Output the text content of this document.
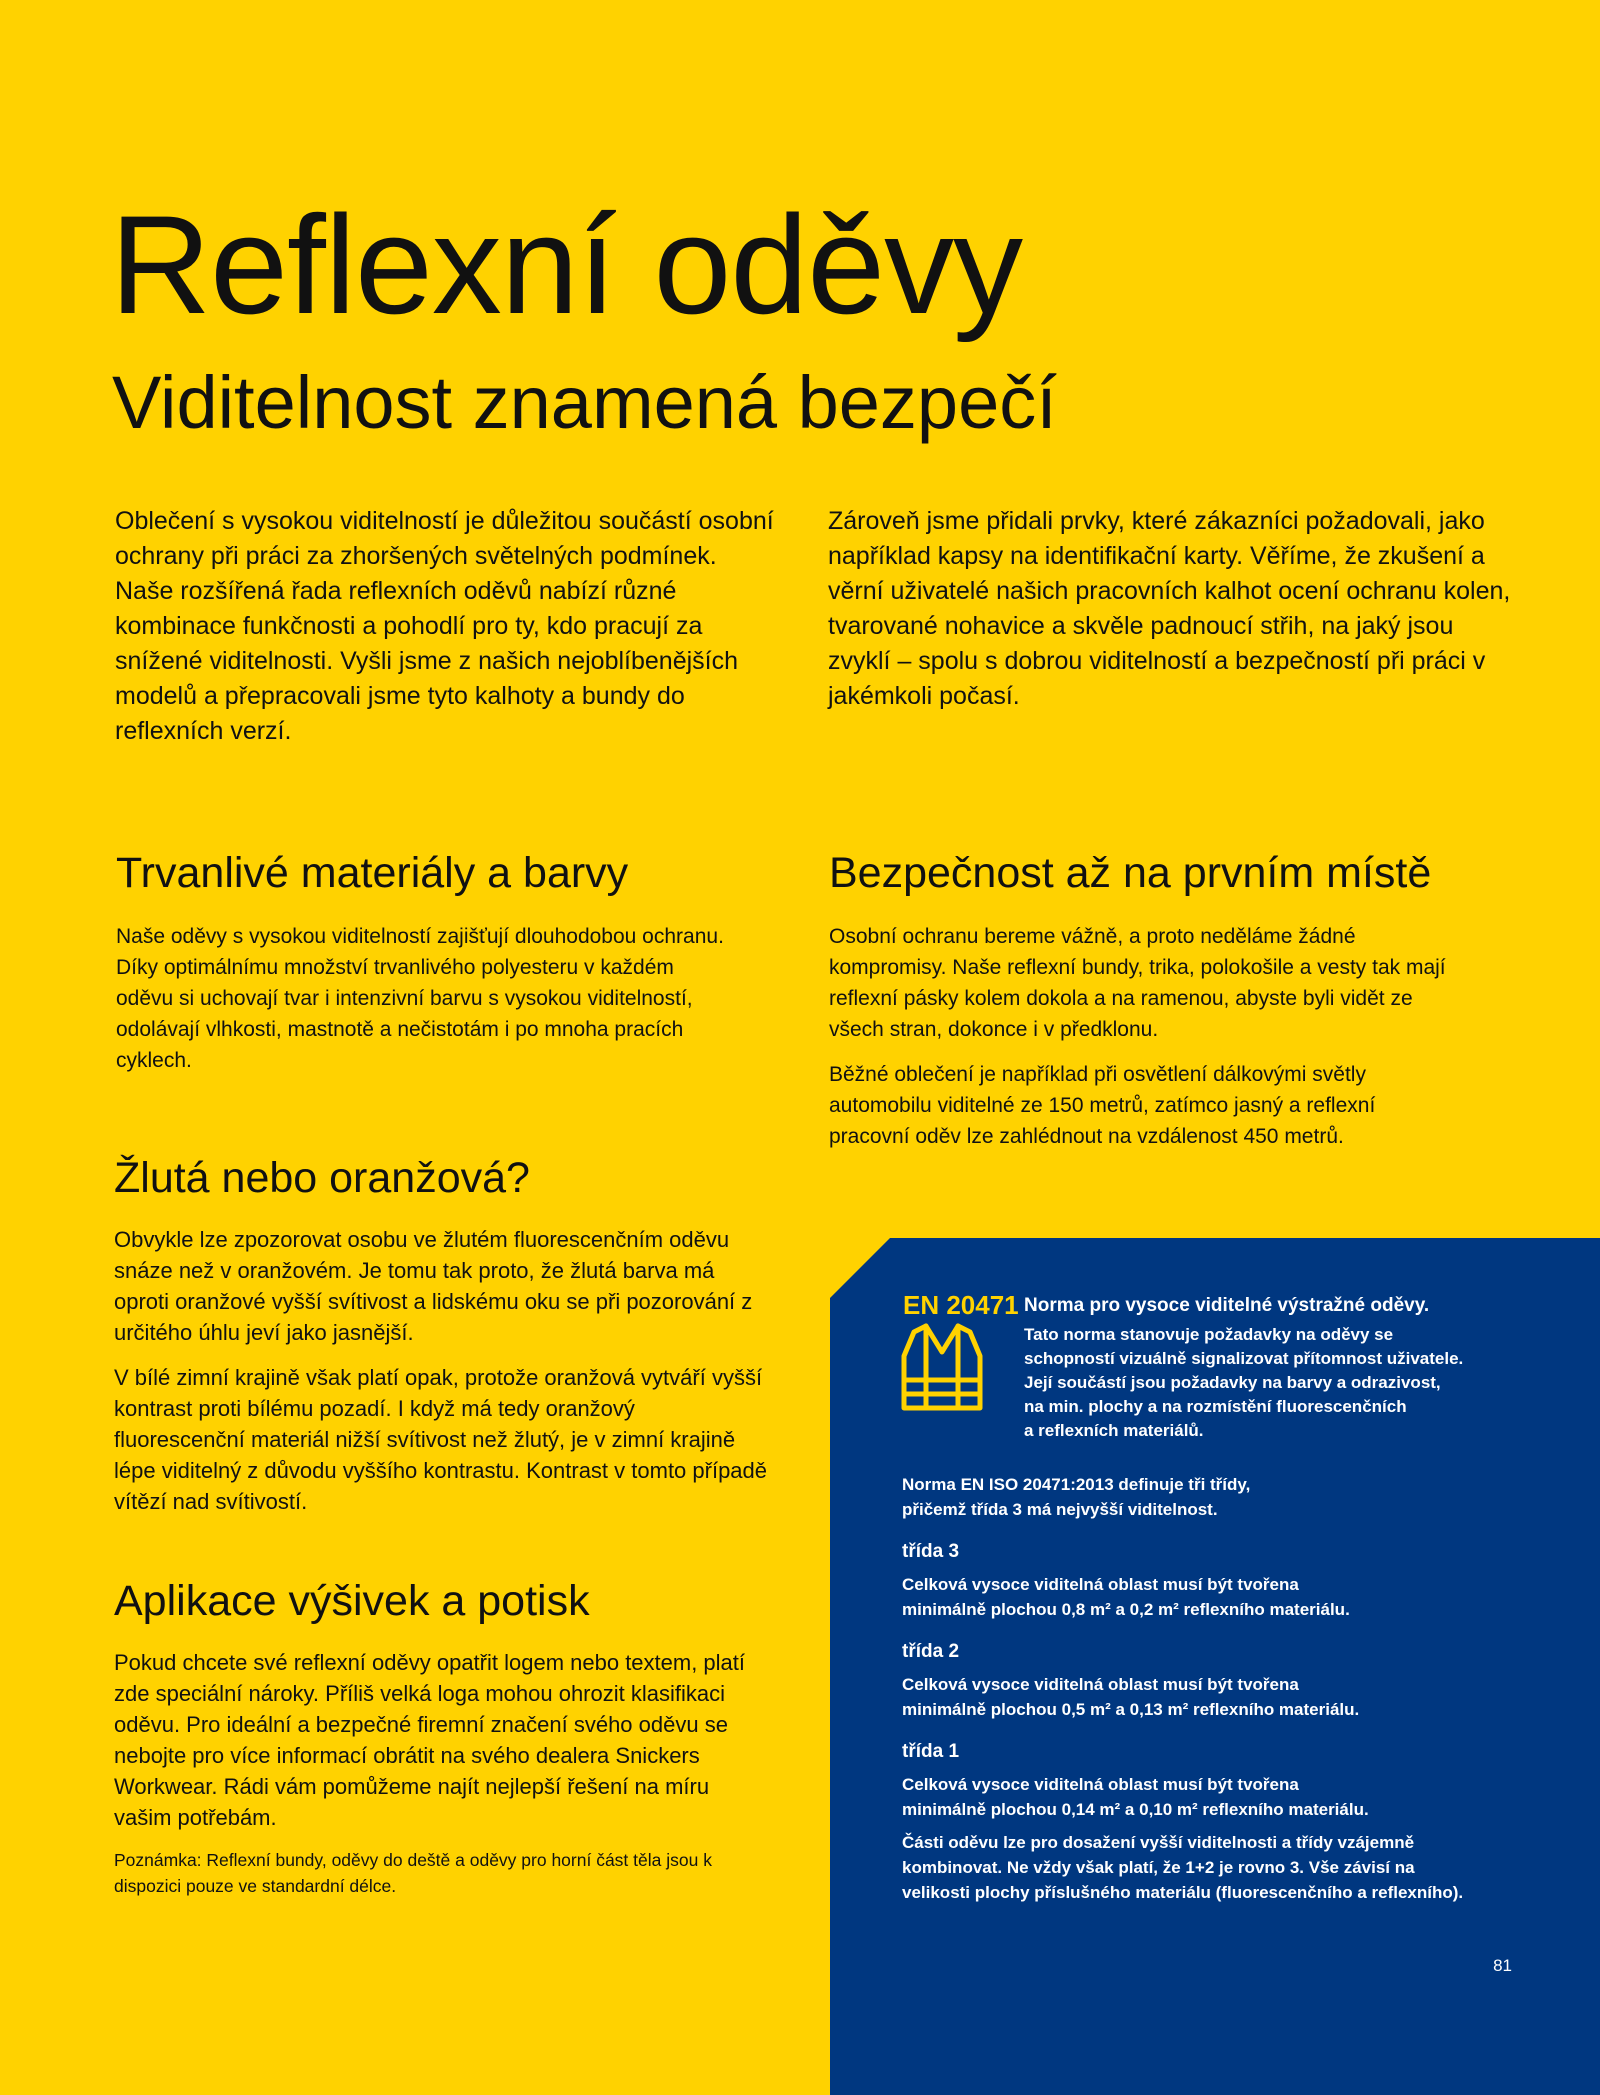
Reflexní oděvy
Viditelnost znamená bezpečí

Oblečení s vysokou viditelností je důležitou součástí osobní ochrany při práci za zhoršených světelných podmínek. Naše rozšířená řada reflexních oděvů nabízí různé kombinace funkčnosti a pohodlí pro ty, kdo pracují za snížené viditelnosti. Vyšli jsme z našich nejoblíbenějších modelů a přepracovali jsme tyto kalhoty a bundy do reflexních verzí.

Zároveň jsme přidali prvky, které zákazníci požadovali, jako například kapsy na identifikační karty. Věříme, že zkušení a věrní uživatelé našich pracovních kalhot ocení ochranu kolen, tvarované nohavice a skvěle padnoucí střih, na jaký jsou zvyklí – spolu s dobrou viditelností a bezpečností při práci v jakémkoli počasí.

Trvanlivé materiály a barvy

Naše oděvy s vysokou viditelností zajišťují dlouhodobou ochranu. Díky optimálnímu množství trvanlivého polyesteru v každém oděvu si uchovají tvar i intenzivní barvu s vysokou viditelností, odolávají vlhkosti, mastnotě a nečistotám i po mnoha pracích cyklech.

Bezpečnost až na prvním místě

Osobní ochranu bereme vážně, a proto neděláme žádné kompromisy. Naše reflexní bundy, trika, polokošile a vesty tak mají reflexní pásky kolem dokola a na ramenou, abyste byli vidět ze všech stran, dokonce i v předklonu.

Běžné oblečení je například při osvětlení dálkovými světly automobilu viditelné ze 150 metrů, zatímco jasný a reflexní pracovní oděv lze zahlédnout na vzdálenost 450 metrů.

Žlutá nebo oranžová?

Obvykle lze zpozorovat osobu ve žlutém fluorescenčním oděvu snáze než v oranžovém. Je tomu tak proto, že žlutá barva má oproti oranžové vyšší svítivost a lidskému oku se při pozorování z určitého úhlu jeví jako jasnější.

V bílé zimní krajině však platí opak, protože oranžová vytváří vyšší kontrast proti bílému pozadí. I když má tedy oranžový fluorescenční materiál nižší svítivost než žlutý, je v zimní krajině lépe viditelný z důvodu vyššího kontrastu. Kontrast v tomto případě vítězí nad svítivostí.

Aplikace výšivek a potisk

Pokud chcete své reflexní oděvy opatřit logem nebo textem, platí zde speciální nároky. Příliš velká loga mohou ohrozit klasifikaci oděvu. Pro ideální a bezpečné firemní značení svého oděvu se nebojte pro více informací obrátit na svého dealera Snickers Workwear. Rádi vám pomůžeme najít nejlepší řešení na míru vašim potřebám.

Poznámka: Reflexní bundy, oděvy do deště a oděvy pro horní část těla jsou k dispozici pouze ve standardní délce.

EN 20471 Norma pro vysoce viditelné výstražné oděvy.

Tato norma stanovuje požadavky na oděvy se
schopností vizuálně signalizovat přítomnost uživatele.
Její součástí jsou požadavky na barvy a odrazivost,
na min. plochy a na rozmístění fluorescenčních
a reflexních materiálů.
Norma EN ISO 20471:2013 definuje tři třídy,
přičemž třída 3 má nejvyšší viditelnost.

třída 3

Celková vysoce viditelná oblast musí být tvořena

minimálně plochou 0,8 m² a 0,2 m² reflexního materiálu.

třída 2

Celková vysoce viditelná oblast musí být tvořena

minimálně plochou 0,5 m² a 0,13 m² reflexního materiálu.

třída 1

Celková vysoce viditelná oblast musí být tvořena

minimálně plochou 0,14 m² a 0,10 m² reflexního materiálu.

Části oděvu lze pro dosažení vyšší viditelnosti a třídy vzájemně

kombinovat. Ne vždy však platí, že 1+2 je rovno 3. Vše závisí na

velikosti plochy příslušného materiálu (fluorescenčního a reflexního).

81
